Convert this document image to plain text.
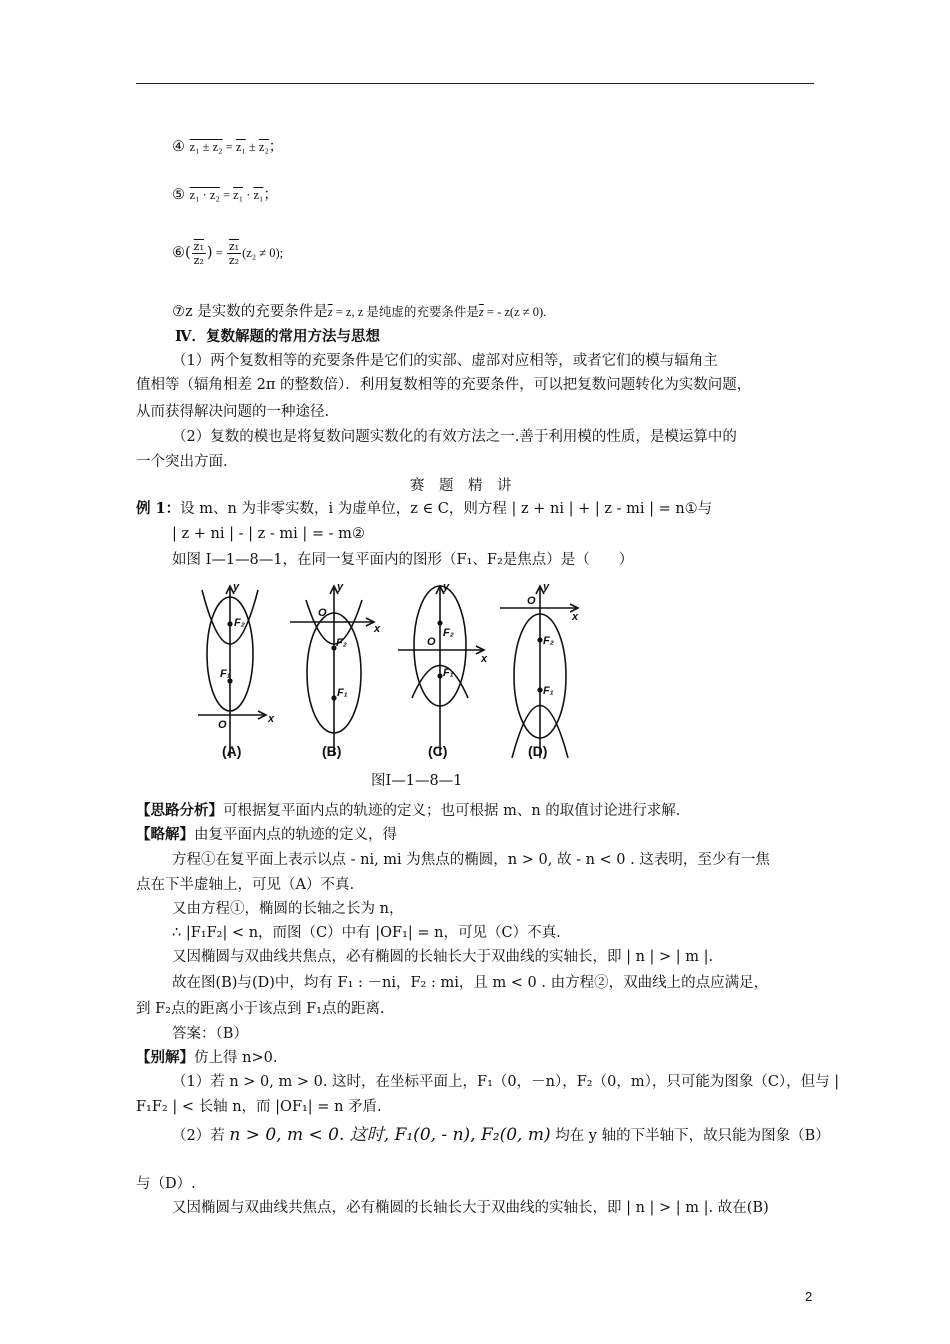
④ z₁ ± z₂ = z₁ ± z₂；
⑤ z₁ · z₂ = z₁ · z₁；
⑥( $\frac{\text{z₁}}{\text{z₂}}$ ) = $\frac{\text{z₁}}{\text{z₂}} (z_2 \ne 0)$;
⑦z 是实数的充要条件是$\overline{z} = z$, z 是纯虚的充要条件是$\overline{z}$ = - z(z ≠ 0).
Ⅳ．复数解题的常用方法与思想
（1）两个复数相等的充要条件是它们的实部、虚部对应相等，或者它们的模与辐角主
值相等（辐角相差 2π 的整数倍）．利用复数相等的充要条件，可以把复数问题转化为实数问题，
从而获得解决问题的一种途径.
（2）复数的模也是将复数问题实数化的有效方法之一.善于利用模的性质，是模运算中的
一个突出方面.
赛　题　精　讲
例 1：设 m、n 为非零实数，i 为虚单位，z ∈ C，则方程 | z + ni | + | z - mi | = n①与
| z + ni | - | z - mi | = - m②
如图 I—1—8—1，在同一复平面内的图形（F₁、F₂是焦点）是（　　）
y
x
O
F₂
F₁
y
x
O
F₂
F₁
y
x
O
F₂
F₁
y
x
O
F₂
F₁
(A)	(B)	(C)	(D)
图Ⅰ—1—8—1
【思路分析】可根据复平面内点的轨迹的定义；也可根据 m、n 的取值讨论进行求解.
【略解】由复平面内点的轨迹的定义，得
方程①在复平面上表示以点 - ni, mi 为焦点的椭圆，n > 0, 故 - n < 0 . 这表明，至少有一焦
点在下半虚轴上，可见（A）不真.
又由方程①，椭圆的长轴之长为 n，
∴ |F₁F₂| < n，而图（C）中有 |OF₁| = n，可见（C）不真.
又因椭圆与双曲线共焦点，必有椭圆的长轴长大于双曲线的实轴长，即 | n | > | m |.
故在图(B)与(D)中，均有 F₁ : －ni，F₂ : mi，且 m < 0 . 由方程②，双曲线上的点应满足，
到 F₂点的距离小于该点到 F₁点的距离.
答案：（B）
【别解】仿上得 n>0.
（1）若 n > 0, m > 0. 这时，在坐标平面上，F₁（0，－n），F₂（0，m），只可能为图象（C），但与 |
F₁F₂ | < 长轴 n，而 |OF₁| = n 矛盾.
（2）若 n > 0, m < 0. 这时, F₁(0, - n), F₂(0, m) 均在 y 轴的下半轴下，故只能为图象（B）
与（D）.
又因椭圆与双曲线共焦点，必有椭圆的长轴长大于双曲线的实轴长，即 | n | > | m |. 故在(B)
2
